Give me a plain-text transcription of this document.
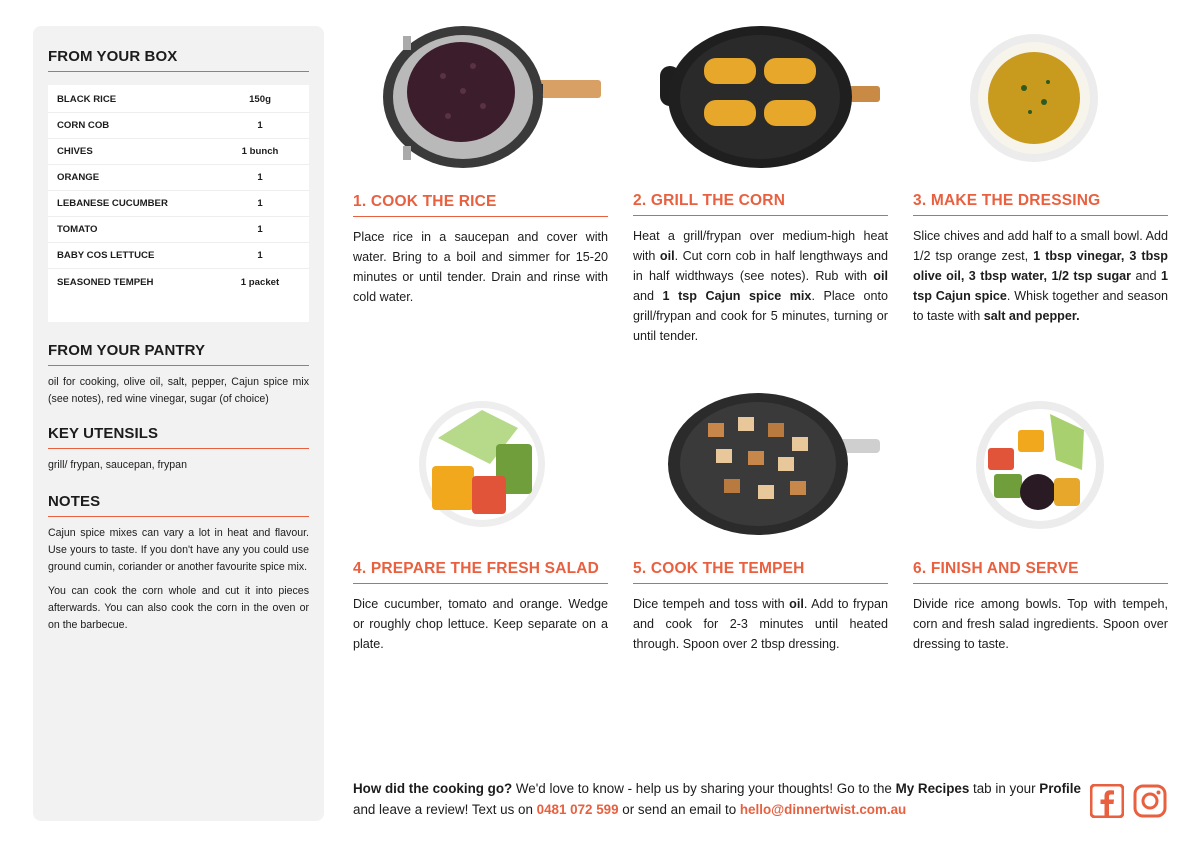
FROM YOUR BOX
BLACK RICE	150g
CORN COB	1
CHIVES	1 bunch
ORANGE	1
LEBANESE CUCUMBER	1
TOMATO	1
BABY COS LETTUCE	1
SEASONED TEMPEH	1 packet
FROM YOUR PANTRY

oil for cooking, olive oil, salt, pepper, Cajun spice mix (see notes), red wine vinegar, sugar (of choice)

KEY UTENSILS

grill/ frypan, saucepan, frypan

NOTES

Cajun spice mixes can vary a lot in heat and flavour. Use yours to taste. If you don't have any you could use ground cumin, coriander or another favourite spice mix.

You can cook the corn whole and cut it into pieces afterwards. You can also cook the corn in the oven or on the barbecue.

1. COOK THE RICE

Place rice in a saucepan and cover with water. Bring to a boil and simmer for 15-20 minutes or until tender. Drain and rinse with cold water.

2. GRILL THE CORN

Heat a grill/frypan over medium-high heat with oil. Cut corn cob in half lengthways and in half widthways (see notes). Rub with oil and 1 tsp Cajun spice mix. Place onto grill/frypan and cook for 5 minutes, turning or until tender.

3. MAKE THE DRESSING

Slice chives and add half to a small bowl. Add 1/2 tsp orange zest, 1 tbsp vinegar, 3 tbsp olive oil, 3 tbsp water, 1/2 tsp sugar and 1 tsp Cajun spice. Whisk together and season to taste with salt and pepper.

4. PREPARE THE FRESH SALAD

Dice cucumber, tomato and orange. Wedge or roughly chop lettuce. Keep separate on a plate.

5. COOK THE TEMPEH

Dice tempeh and toss with oil. Add to frypan and cook for 2-3 minutes until heated through. Spoon over 2 tbsp dressing.

6. FINISH AND SERVE

Divide rice among bowls. Top with tempeh, corn and fresh salad ingredients. Spoon over dressing to taste.

How did the cooking go? We'd love to know - help us by sharing your thoughts! Go to the My Recipes tab in your Profile and leave a review! Text us on 0481 072 599 or send an email to hello@dinnertwist.com.au
